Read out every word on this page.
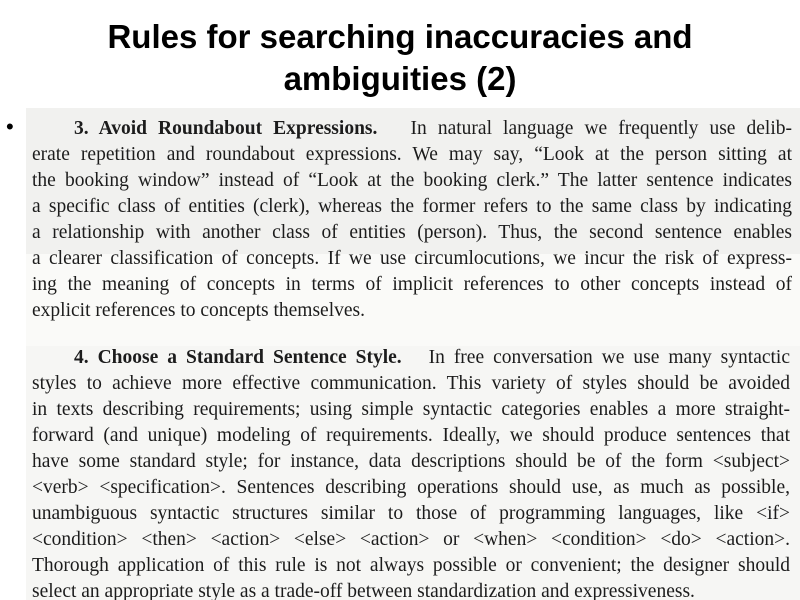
Rules for searching inaccuracies and ambiguities (2)
•	3. Avoid Roundabout Expressions. In natural language we frequently use delib-
erate repetition and roundabout expressions. We may say, “Look at the person sitting at
the booking window” instead of “Look at the booking clerk.” The latter sentence indicates
a specific class of entities (clerk), whereas the former refers to the same class by indicating
a relationship with another class of entities (person). Thus, the second sentence enables
a clearer classification of concepts. If we use circumlocutions, we incur the risk of express-
ing the meaning of concepts in terms of implicit references to other concepts instead of
explicit references to concepts themselves.
4. Choose a Standard Sentence Style. In free conversation we use many syntactic
styles to achieve more effective communication. This variety of styles should be avoided
in texts describing requirements; using simple syntactic categories enables a more straight-
forward (and unique) modeling of requirements. Ideally, we should produce sentences that
have some standard style; for instance, data descriptions should be of the form <subject>
<verb> <specification>. Sentences describing operations should use, as much as possible,
unambiguous syntactic structures similar to those of programming languages, like <if>
<condition> <then> <action> <else> <action> or <when> <condition> <do> <action>.
Thorough application of this rule is not always possible or convenient; the designer should
select an appropriate style as a trade-off between standardization and expressiveness.
